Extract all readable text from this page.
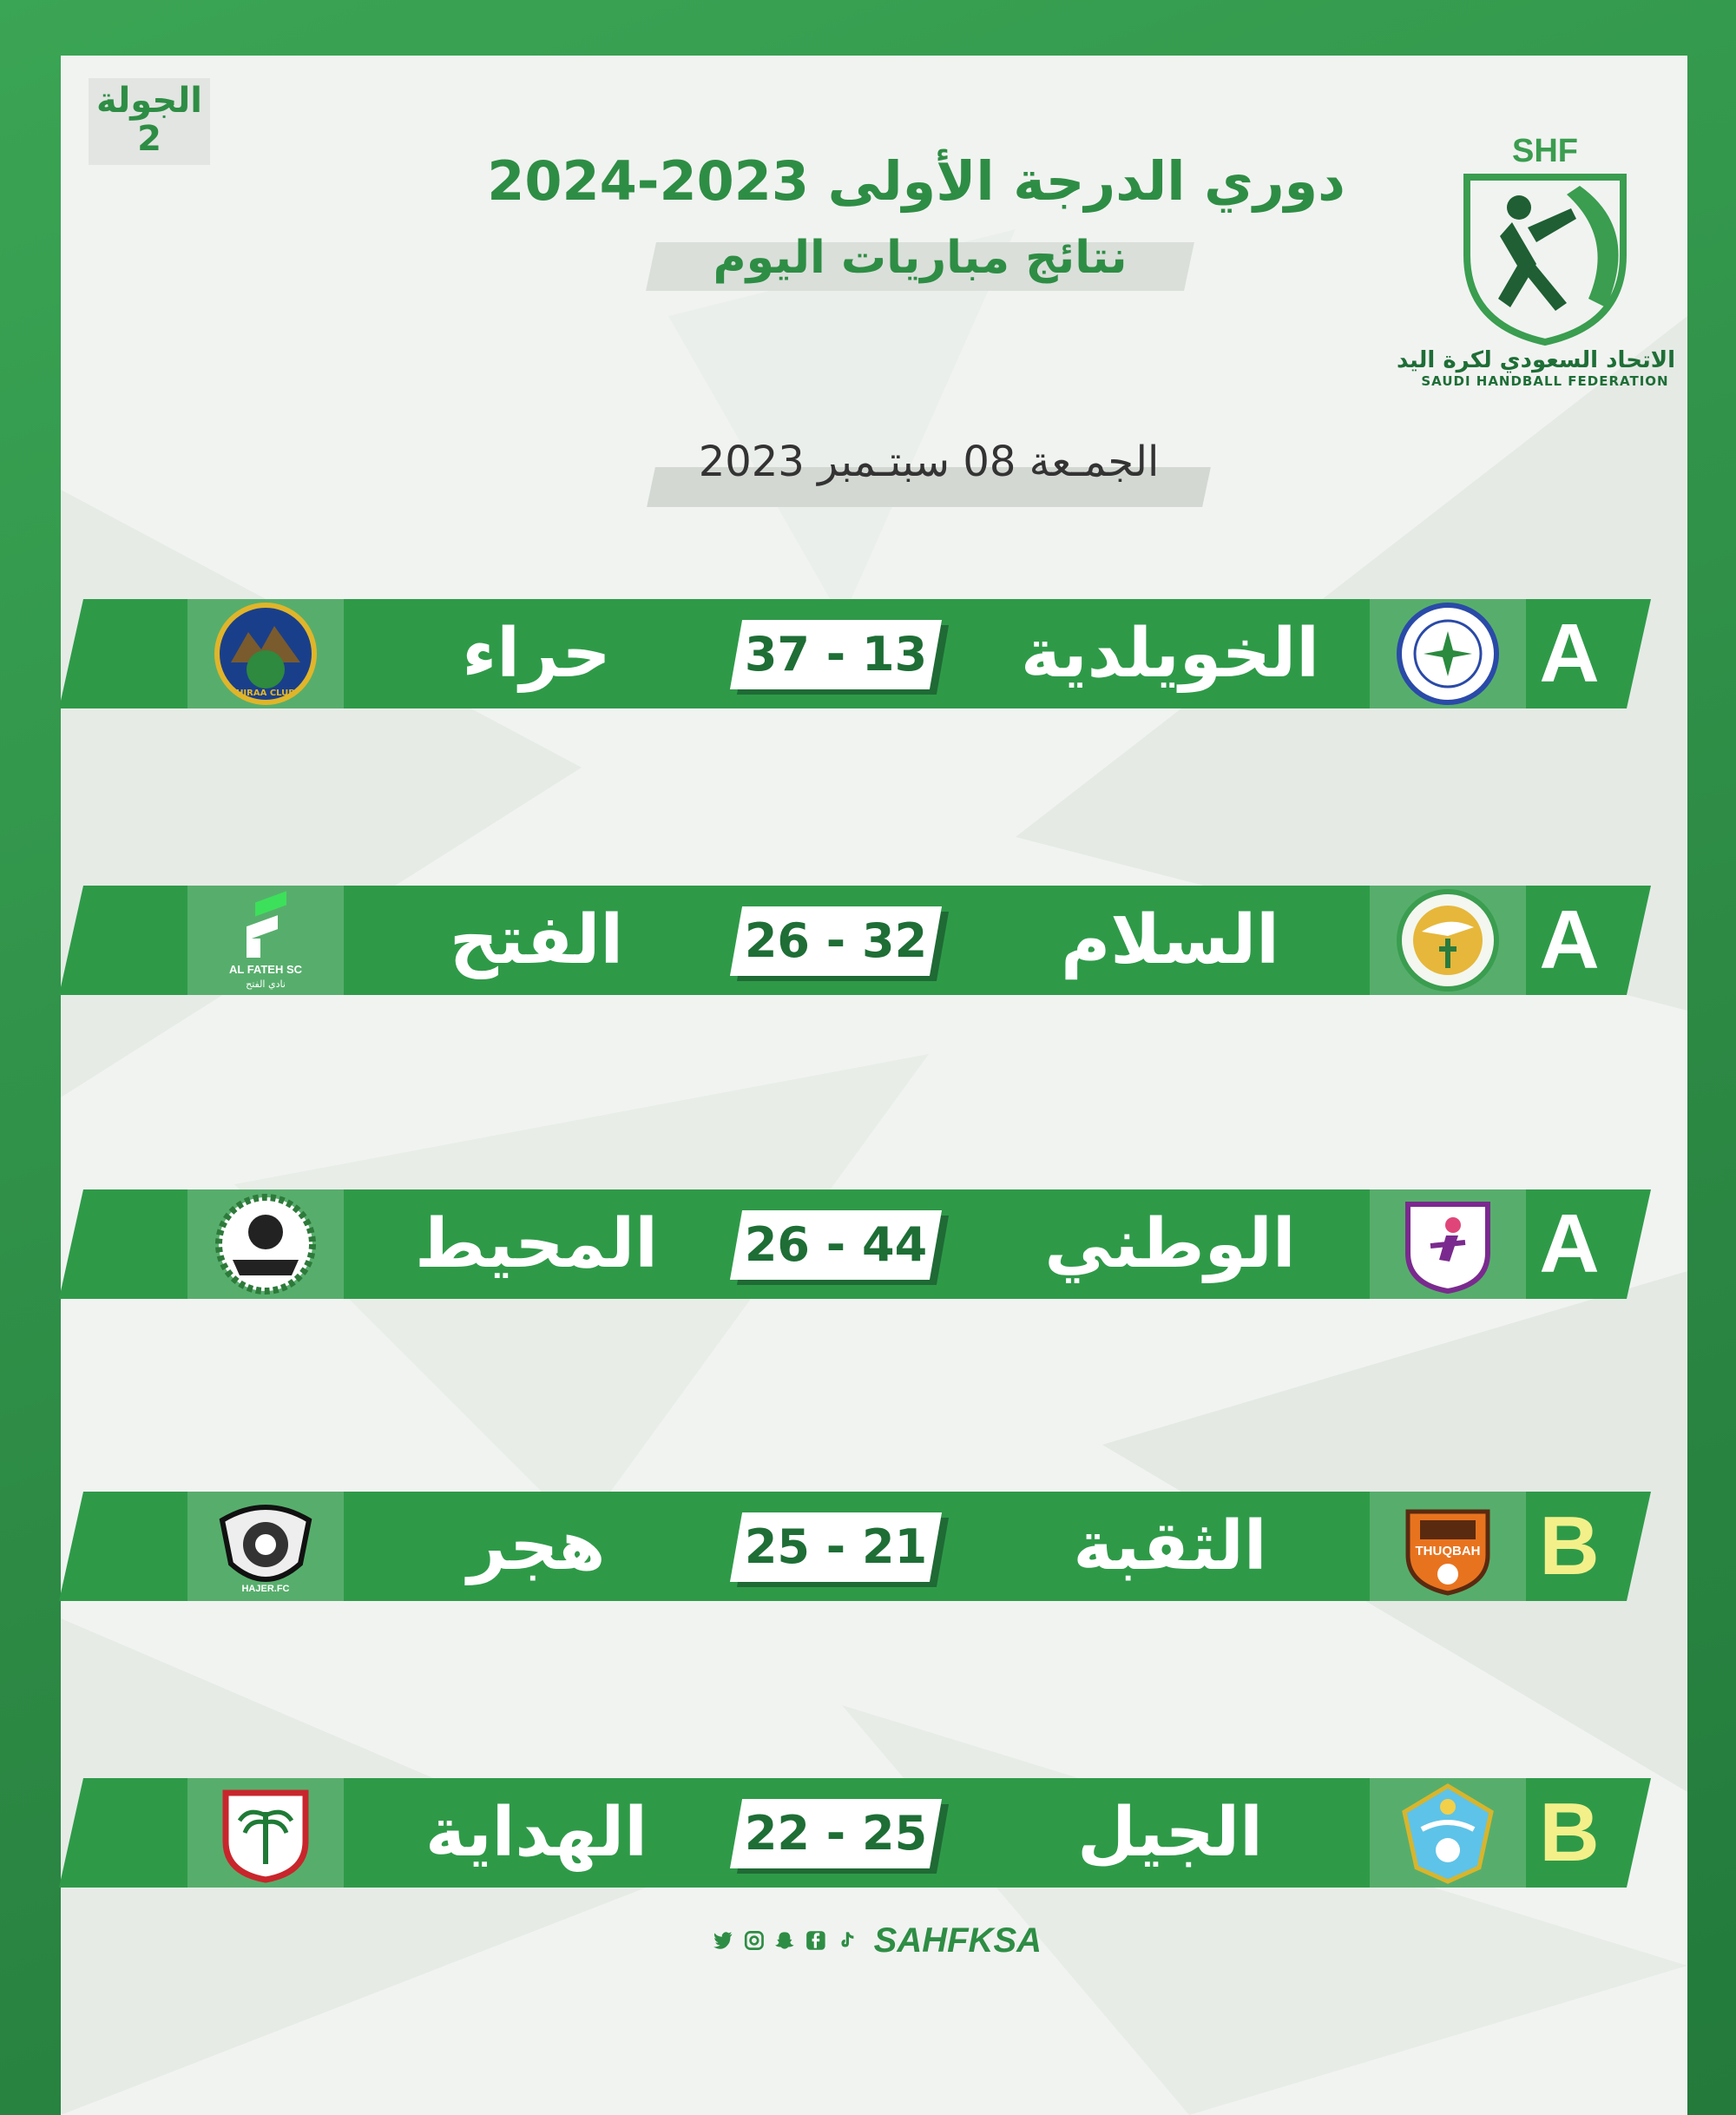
الجولة
2
دوري الدرجة الأولى 2023-2024
نتائج مباريات اليوم
الجمـعة 08 سبتـمبر 2023
SHF
الاتحاد السعودي لكرة اليد
SAUDI HANDBALL FEDERATION
HIRAA CLUB
حراء	37 - 13	الخويلدية	A
AL FATEH SC
نادي الفتح
الفتح	26 - 32	السلام	A
المحيط	26 - 44	الوطني	A
HAJER.FC
هجر	25 - 21	الثقبة	THUQBAH B
الهداية	22 - 25	الجيل	B
SAHFKSA
